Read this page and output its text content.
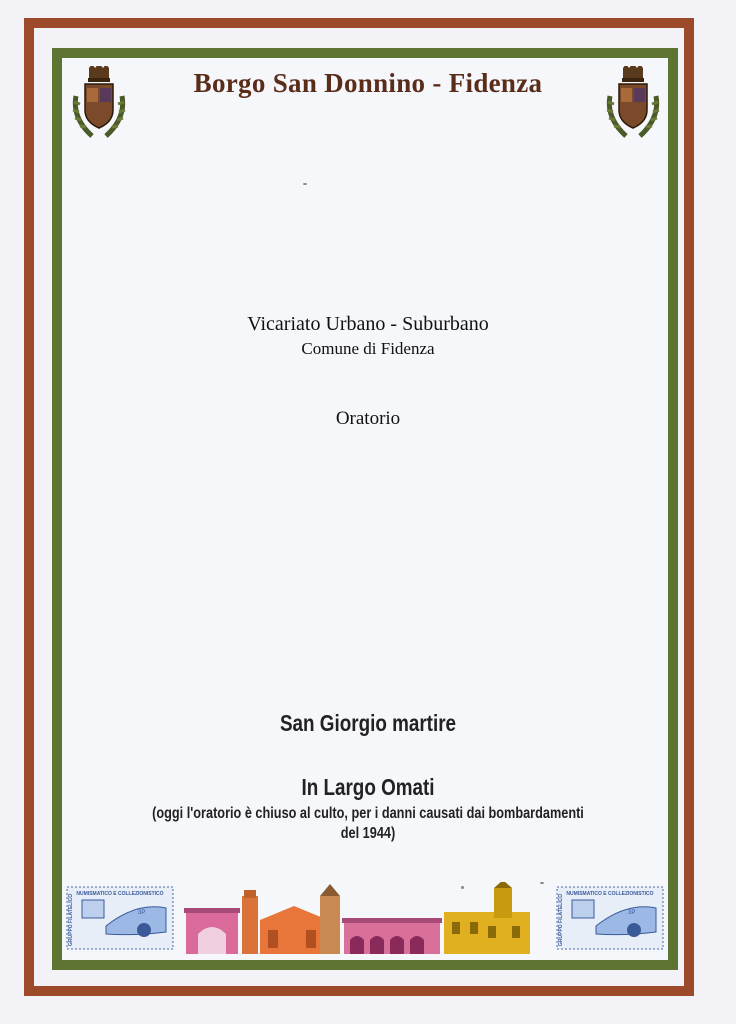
Borgo San Donnino - Fidenza
Vicariato Urbano - Suburbano
Comune di Fidenza
Oratorio
San Giorgio martire
In Largo Omati
(oggi l'oratorio è chiuso al culto, per i danni causati dai bombardamenti
del 1944)
NUMISMATICO E COLLEZIONISTICO
GRUPPO FILATELICO	3P
NUMISMATICO E COLLEZIONISTICO
GRUPPO FILATELICO	3P
